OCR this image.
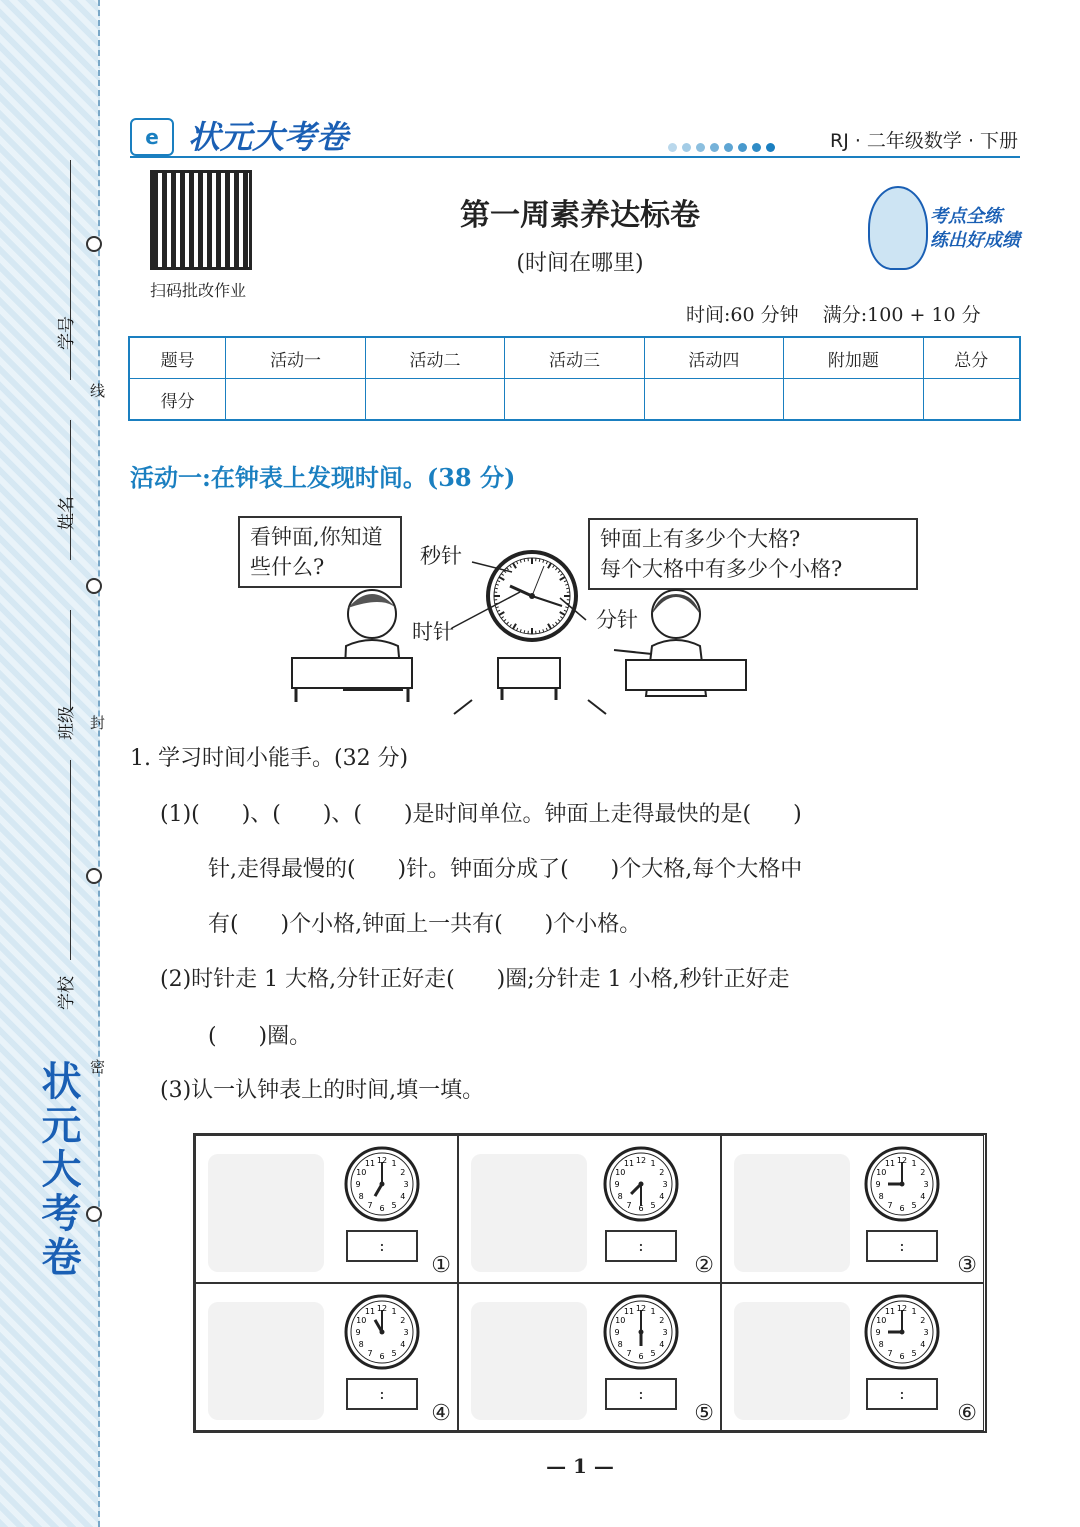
学号
线
姓名
班级 封
学校
密
状元大考卷
e 状元大考卷	RJ · 二年级数学 · 下册
扫码批改作业
第一周素养达标卷
(时间在哪里)
考点全练
练出好成绩
时间:60 分钟    满分:100 + 10 分
题号	活动一	活动二	活动三	活动四	附加题	总分
得分						
活动一:在钟表上发现时间。(38 分)
看钟面,你知道些什么?
钟面上有多少个大格?
每个大格中有多少个小格?
秒针
时针	分针
1. 学习时间小能手。(32 分)
(1)(      )、(      )、(      )是时间单位。钟面上走得最快的是(      )
针,走得最慢的(      )针。钟面分成了(      )个大格,每个大格中
有(      )个小格,钟面上一共有(      )个小格。
(2)时针走 1 大格,分针正好走(      )圈;分针走 1 小格,秒针正好走
(      )圈。
(3)认一认钟表上的时间,填一填。
1
2
3
4
5
6
7
8
9
10
11 12
:
①
1
2
3
4
5
6
7
8
9
10
11 12
:
②
1
2
3
4
5
6
7
8
9
10
11 12
:
③
1
2
3
4
5
6
7
8
9
10
11 12
:
④
1
2
3
4
5
6
7
8
9
10
11 12
:
⑤
1
2
3
4
5
6
7
8
9
10
11 12
:
⑥
— 1 —
